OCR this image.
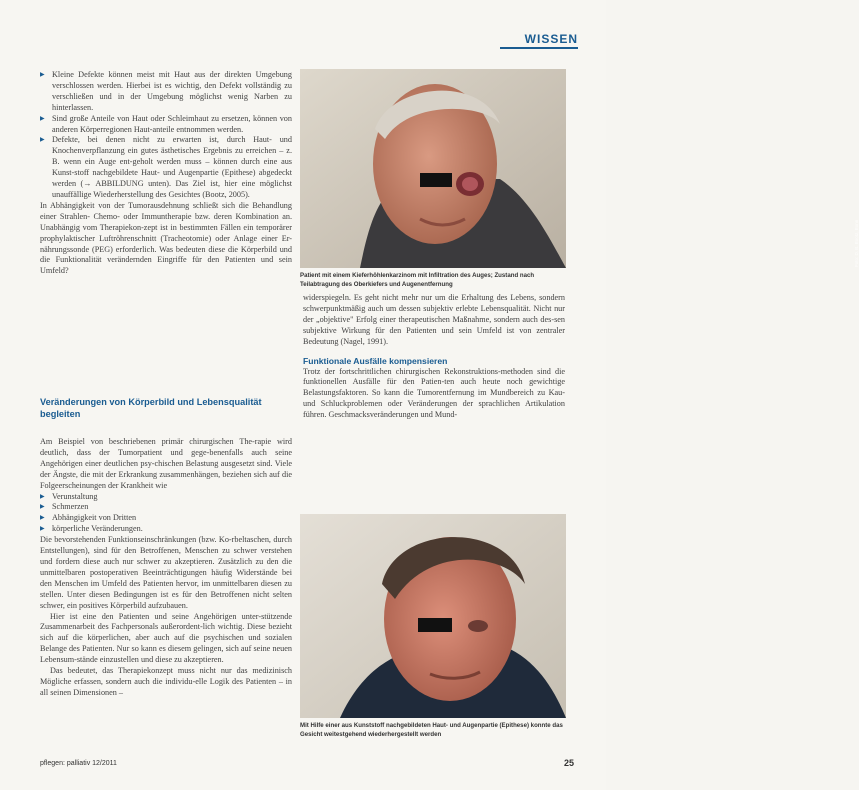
WISSEN
▶ Kleine Defekte können meist mit Haut aus der direkten Umgebung verschlossen werden. Hierbei ist es wichtig, den Defekt vollständig zu verschließen und in der Umgebung möglichst wenig Narben zu hinterlassen.
▶ Sind große Anteile von Haut oder Schleimhaut zu ersetzen, können von anderen Körperregionen Haut-anteile entnommen werden.
▶ Defekte, bei denen nicht zu erwarten ist, durch Haut- und Knochenverpflanzung ein gutes ästhetisches Ergebnis zu erreichen – z. B. wenn ein Auge ent-geholt werden muss – können durch eine aus Kunst-stoff nachgebildete Haut- und Augenpartie (Epithese) abgedeckt werden (→ ABBILDUNG unten). Das Ziel ist, hier eine möglichst unauffällige Wiederherstellung des Gesichtes (Bootz, 2005).

In Abhängigkeit von der Tumorausdehnung schließt sich die Behandlung einer Strahlen- Chemo- oder Immuntherapie bzw. deren Kombination an. Unabhängig vom Therapiekon-zept ist in bestimmten Fällen ein temporärer prophylaktischer Luftröhrenschnitt (Tracheotomie) oder Anlage einer Er-nährungssonde (PEG) erforderlich. Was bedeuten diese die Körperbild und die Funktionalität verändernden Eingriffe für den Patienten und sein Umfeld?

Veränderungen von Körperbild und Lebensqualität begleiten

Am Beispiel von beschriebenen primär chirurgischen The-rapie wird deutlich, dass der Tumorpatient und gege-benenfalls auch seine Angehörigen einer deutlichen psy-chischen Belastung ausgesetzt sind. Viele der Ängste, die mit der Erkrankung zusammenhängen, beziehen sich auf die Folgeerscheinungen der Krankheit wie

▶ Verunstaltung
▶ Schmerzen
▶ Abhängigkeit von Dritten
▶ körperliche Veränderungen.

Die bevorstehenden Funktionseinschränkungen (bzw. Ko-rbeltaschen, durch Entstellungen), sind für den Betroffenen, Menschen zu schwer verstehen und fordern diese auch nur schwer zu akzeptieren. Zusätzlich zu den die unmittelbaren postoperativen Beeinträchtigungen häufig Widerstände bei den Menschen im Umfeld des Patienten hervor, im unmittelbaren diesen zu stellen. Unter diesen Bedingungen ist es für den Betroffenen nicht selten schwer, ein positives Körperbild aufzubauen.

Hier ist eine den Patienten und seine Angehörigen unter-stützende Zusammenarbeit des Fachpersonals außerordent-lich wichtig. Diese bezieht sich auf die körperlichen, aber auch auf die psychischen und sozialen Belange des Patienten. Nur so kann es diesem gelingen, sich auf seine neuen Lebensum-stände einzustellen und diese zu akzeptieren.

Das bedeutet, das Therapiekonzept muss nicht nur das medizinisch Mögliche erfassen, sondern auch die individu-elle Logik des Patienten – in all seinen Dimensionen –

Foto: D. B. Bootz, Bonn
Patient mit einem Kieferhöhlenkarzinom mit Infiltration des Auges; Zustand nach Teilabtragung des Oberkiefers und Augenentfernung

widerspiegeln. Es geht nicht mehr nur um die Erhaltung des Lebens, sondern schwerpunktmäßig auch um dessen subjektiv erlebte Lebensqualität. Nicht nur der „objektive" Erfolg einer therapeutischen Maßnahme, sondern auch des-sen subjektive Wirkung für den Patienten und sein Umfeld ist von zentraler Bedeutung (Nagel, 1991).

Funktionale Ausfälle kompensieren

Trotz der fortschrittlichen chirurgischen Rekonstruktions-methoden sind die funktionellen Ausfälle für den Patien-ten auch heute noch gewichtige Belastungsfaktoren. So kann die Tumorentfernung im Mundbereich zu Kau- und Schluckproblemen oder Veränderungen der sprachlichen Artikulation führen. Geschmacksveränderungen und Mund-

Mit Hilfe einer aus Kunststoff nachgebildeten Haut- und Augenpartie (Epithese) konnte das Gesicht weitestgehend wiederhergestellt werden
pflegen: palliativ 12/2011	25
